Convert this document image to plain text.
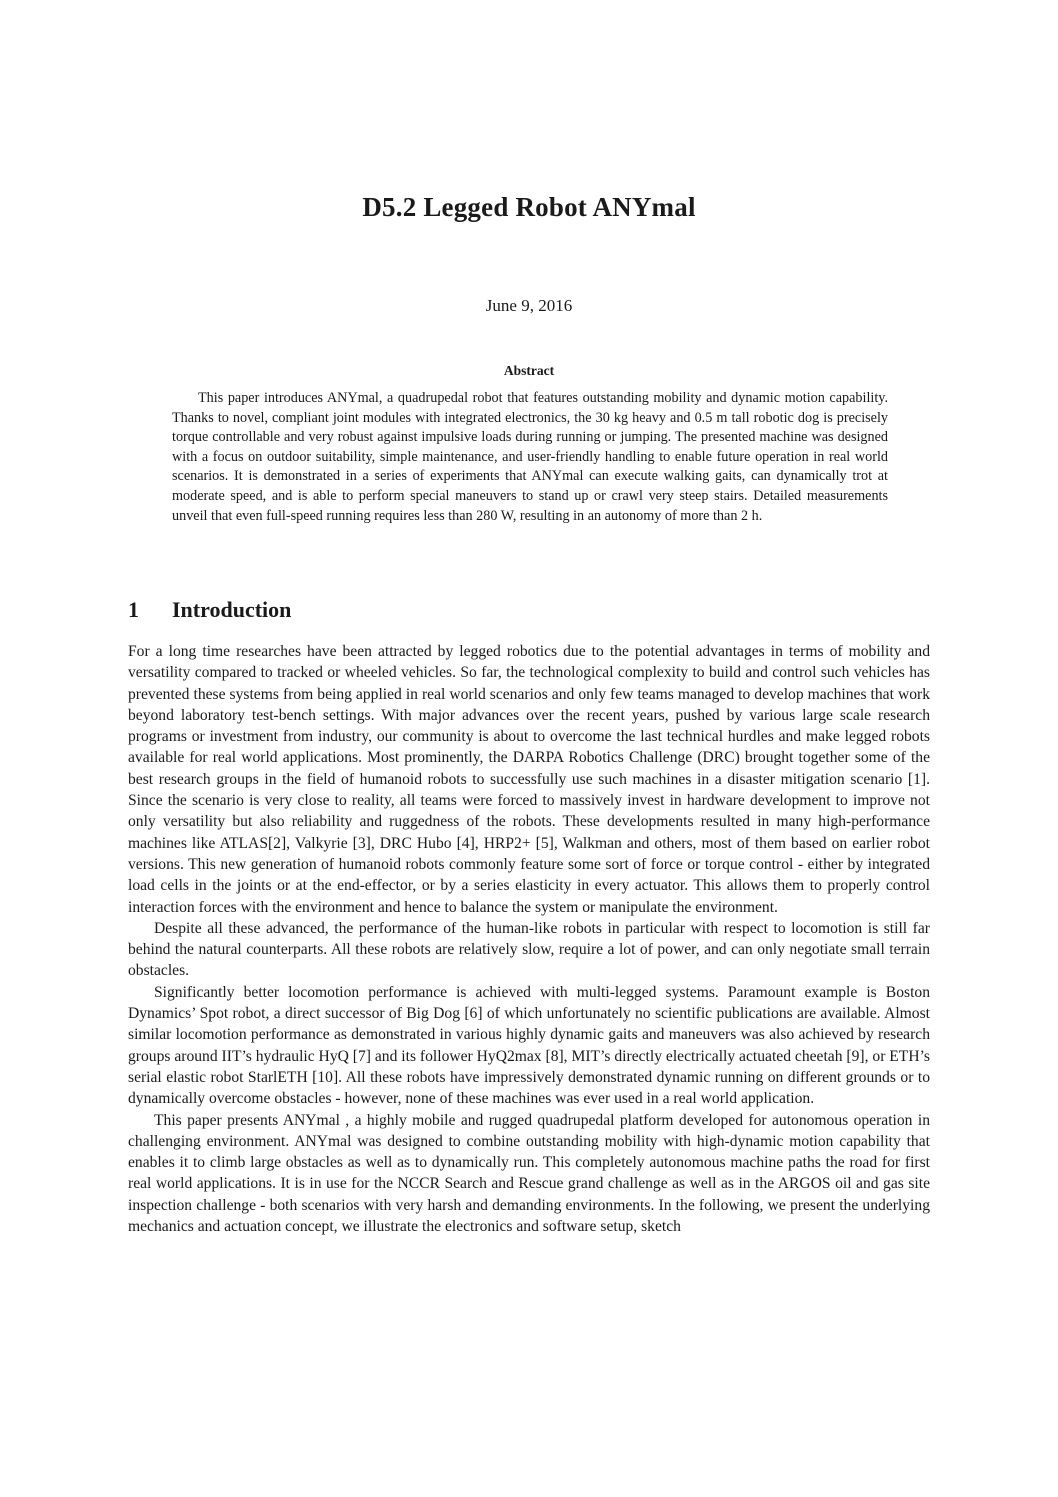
D5.2 Legged Robot ANYmal
June 9, 2016
Abstract

This paper introduces ANYmal, a quadrupedal robot that features outstanding mobility and dynamic motion capability. Thanks to novel, compliant joint modules with integrated electronics, the 30 kg heavy and 0.5 m tall robotic dog is precisely torque controllable and very robust against impulsive loads during running or jumping. The presented machine was designed with a focus on outdoor suitability, simple maintenance, and user-friendly handling to enable future operation in real world scenarios. It is demonstrated in a series of experiments that ANYmal can execute walking gaits, can dynamically trot at moderate speed, and is able to perform special maneuvers to stand up or crawl very steep stairs. Detailed measurements unveil that even full-speed running requires less than 280 W, resulting in an autonomy of more than 2 h.

1 Introduction

For a long time researches have been attracted by legged robotics due to the potential advantages in terms of mobility and versatility compared to tracked or wheeled vehicles. So far, the technological complexity to build and control such vehicles has prevented these systems from being applied in real world scenarios and only few teams managed to develop machines that work beyond laboratory test-bench settings. With major advances over the recent years, pushed by various large scale research programs or investment from industry, our community is about to overcome the last technical hurdles and make legged robots available for real world applications. Most prominently, the DARPA Robotics Challenge (DRC) brought together some of the best research groups in the field of humanoid robots to successfully use such machines in a disaster mitigation scenario [1]. Since the scenario is very close to reality, all teams were forced to massively invest in hardware development to improve not only versatility but also reliability and ruggedness of the robots. These developments resulted in many high-performance machines like ATLAS[2], Valkyrie [3], DRC Hubo [4], HRP2+ [5], Walkman and others, most of them based on earlier robot versions. This new generation of humanoid robots commonly feature some sort of force or torque control - either by integrated load cells in the joints or at the end-effector, or by a series elasticity in every actuator. This allows them to properly control interaction forces with the environment and hence to balance the system or manipulate the environment.

Despite all these advanced, the performance of the human-like robots in particular with respect to locomotion is still far behind the natural counterparts. All these robots are relatively slow, require a lot of power, and can only negotiate small terrain obstacles.

Significantly better locomotion performance is achieved with multi-legged systems. Paramount example is Boston Dynamics’ Spot robot, a direct successor of Big Dog [6] of which unfortunately no scientific publications are available. Almost similar locomotion performance as demonstrated in various highly dynamic gaits and maneuvers was also achieved by research groups around IIT’s hydraulic HyQ [7] and its follower HyQ2max [8], MIT’s directly electrically actuated cheetah [9], or ETH’s serial elastic robot StarlETH [10]. All these robots have impressively demonstrated dynamic running on different grounds or to dynamically overcome obstacles - however, none of these machines was ever used in a real world application.

This paper presents ANYmal , a highly mobile and rugged quadrupedal platform developed for autonomous operation in challenging environment. ANYmal was designed to combine outstanding mobility with high-dynamic motion capability that enables it to climb large obstacles as well as to dynamically run. This completely autonomous machine paths the road for first real world applications. It is in use for the NCCR Search and Rescue grand challenge as well as in the ARGOS oil and gas site inspection challenge - both scenarios with very harsh and demanding environments. In the following, we present the underlying mechanics and actuation concept, we illustrate the electronics and software setup, sketch
